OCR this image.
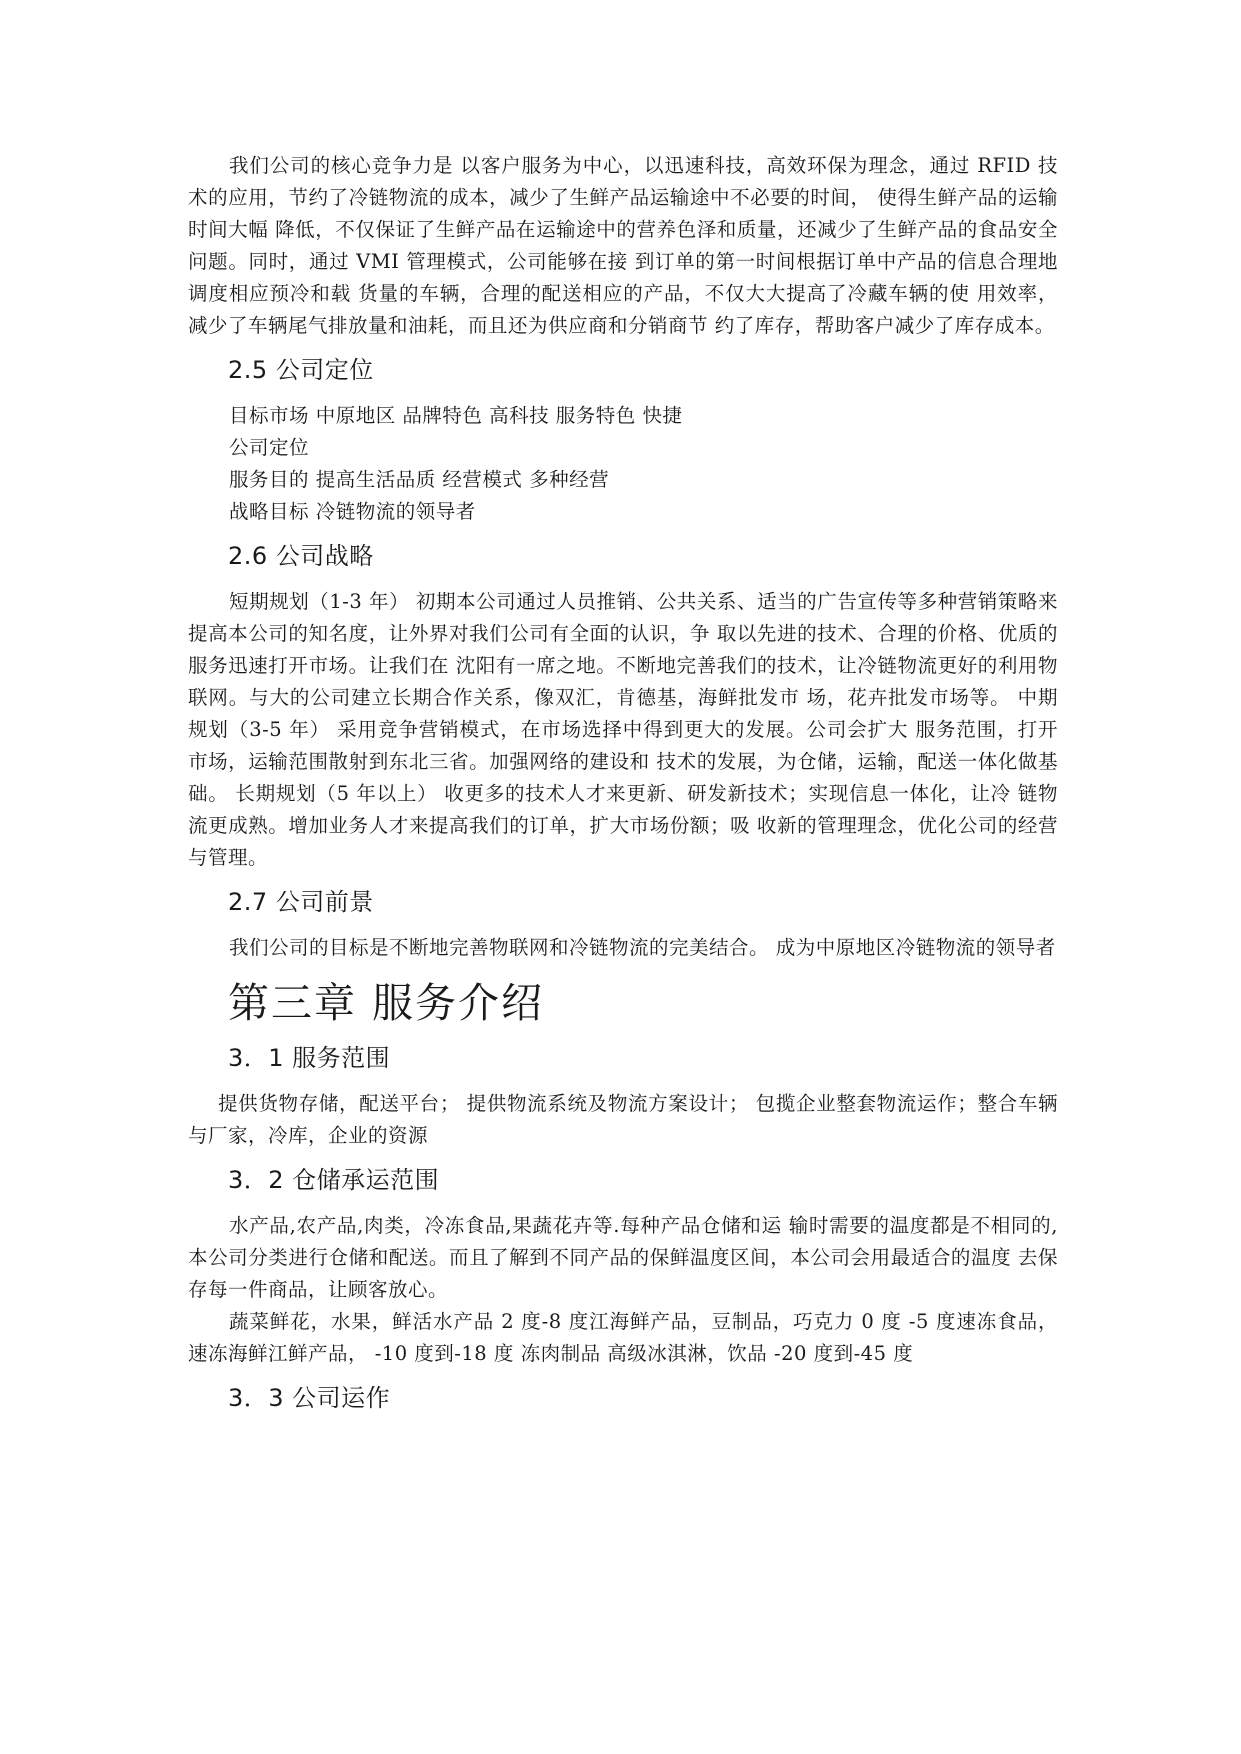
我们公司的核心竞争力是 以客户服务为中心，以迅速科技，高效环保为理念，通过 RFID 技术的应用，节约了冷链物流的成本，减少了生鲜产品运输途中不必要的时间， 使得生鲜产品的运输时间大幅 降低，不仅保证了生鲜产品在运输途中的营养色泽和质量，还减少了生鲜产品的食品安全问题。同时，通过 VMI 管理模式，公司能够在接 到订单的第一时间根据订单中产品的信息合理地调度相应预冷和载 货量的车辆，合理的配送相应的产品，不仅大大提高了冷藏车辆的使 用效率，减少了车辆尾气排放量和油耗，而且还为供应商和分销商节 约了库存，帮助客户减少了库存成本。

2.5 公司定位

目标市场 中原地区 品牌特色 高科技 服务特色 快捷

公司定位

服务目的 提高生活品质 经营模式 多种经营

战略目标 冷链物流的领导者

2.6 公司战略

短期规划（1-3 年） 初期本公司通过人员推销、公共关系、适当的广告宣传等多种营销策略来提高本公司的知名度，让外界对我们公司有全面的认识，争 取以先进的技术、合理的价格、优质的服务迅速打开市场。让我们在 沈阳有一席之地。不断地完善我们的技术，让冷链物流更好的利用物 联网。与大的公司建立长期合作关系，像双汇，肯德基，海鲜批发市 场，花卉批发市场等。 中期规划（3-5 年） 采用竞争营销模式，在市场选择中得到更大的发展。公司会扩大 服务范围，打开市场，运输范围散射到东北三省。加强网络的建设和 技术的发展，为仓储，运输，配送一体化做基础。 长期规划（5 年以上） 收更多的技术人才来更新、研发新技术；实现信息一体化，让冷 链物流更成熟。增加业务人才来提高我们的订单，扩大市场份额；吸 收新的管理理念，优化公司的经营与管理。

2.7 公司前景

我们公司的目标是不断地完善物联网和冷链物流的完美结合。 成为中原地区冷链物流的领导者

第三章 服务介绍
3．1 服务范围

提供货物存储，配送平台； 提供物流系统及物流方案设计； 包揽企业整套物流运作；整合车辆与厂家，冷库，企业的资源

3．2 仓储承运范围

水产品,农产品,肉类，冷冻食品,果蔬花卉等.每种产品仓储和运 输时需要的温度都是不相同的,本公司分类进行仓储和配送。而且了解到不同产品的保鲜温度区间，本公司会用最适合的温度 去保存每一件商品，让顾客放心。

蔬菜鲜花，水果，鲜活水产品 2 度-8 度江海鲜产品，豆制品，巧克力 0 度 -5 度速冻食品，速冻海鲜江鲜产品， -10 度到-18 度 冻肉制品 高级冰淇淋，饮品 -20 度到-45 度

3．3 公司运作
